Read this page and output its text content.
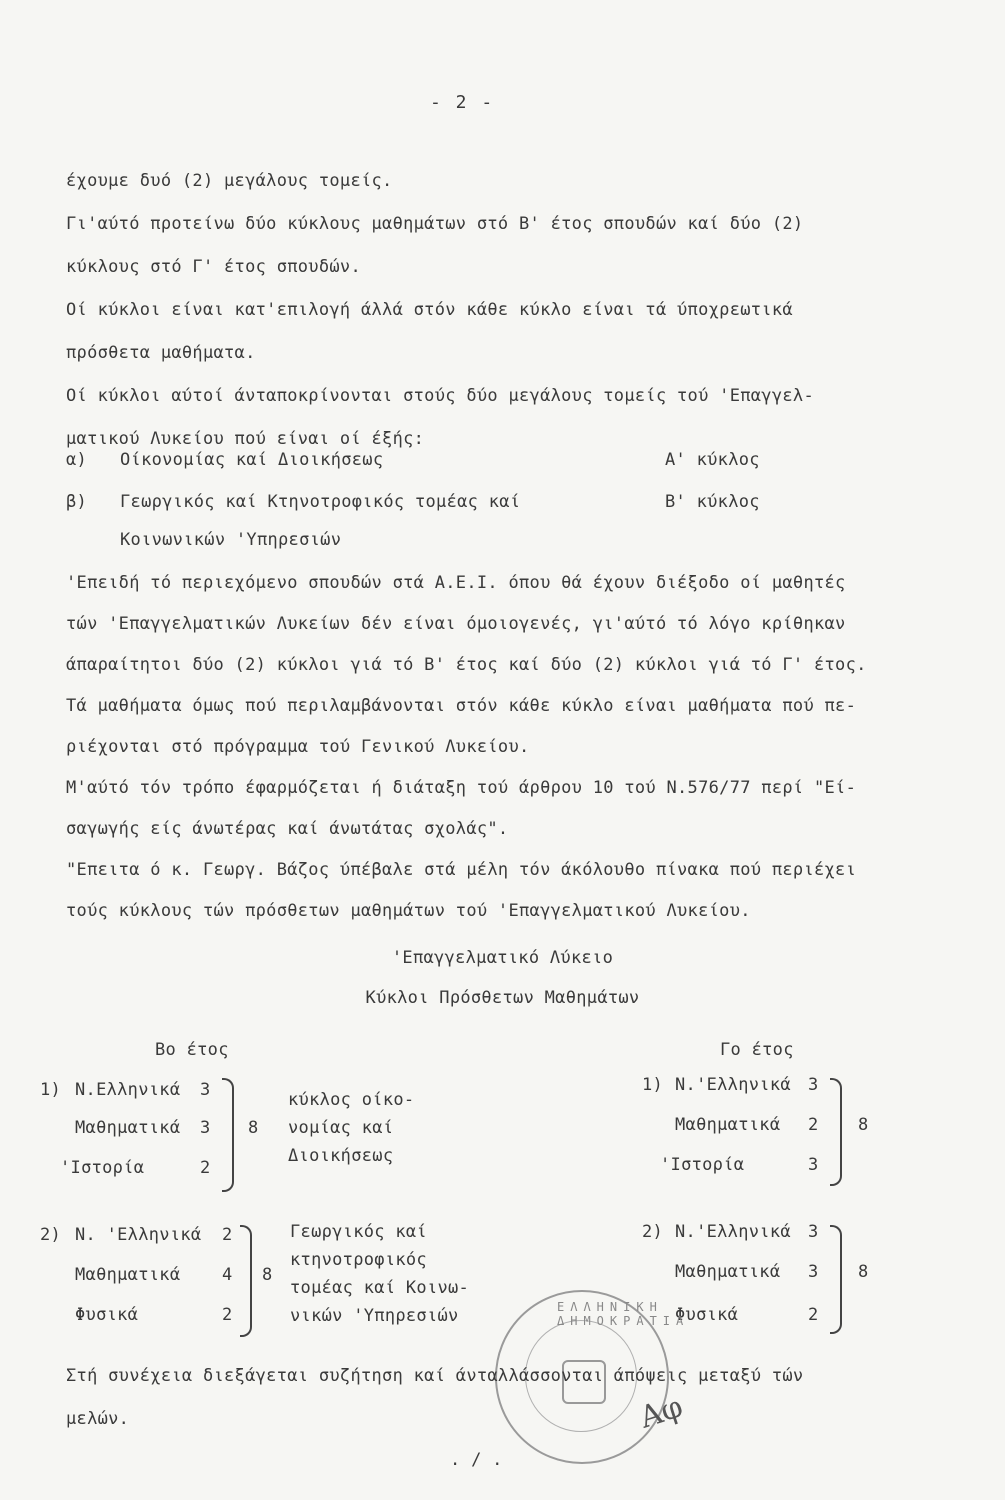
- 2 -
έχουμε δυό (2) μεγάλους τομείς.
Γι'αύτό προτείνω δύο κύκλους μαθημάτων στό Β' έτος σπουδών καί δύο (2)
κύκλους στό Γ' έτος σπουδών.
Οί κύκλοι είναι κατ'επιλογή άλλά στόν κάθε κύκλο είναι τά ύποχρεωτικά
πρόσθετα μαθήματα.
Οί κύκλοι αύτοί άνταποκρίνονται στούς δύο μεγάλους τομείς τού 'Επαγγελ-
ματικού Λυκείου πού είναι οί έξής:
α) Οίκονομίας καί Διοικήσεως	Α' κύκλος
β) Γεωργικός καί Κτηνοτροφικός τομέας καί	Β' κύκλος
Κοινωνικών 'Υπηρεσιών
'Επειδή τό περιεχόμενο σπουδών στά Α.Ε.Ι. όπου θά έχουν διέξοδο οί μαθητές
τών 'Επαγγελματικών Λυκείων δέν είναι όμοιογενές, γι'αύτό τό λόγο κρίθηκαν
άπαραίτητοι δύο (2) κύκλοι γιά τό Β' έτος καί δύο (2) κύκλοι γιά τό Γ' έτος.
Τά μαθήματα όμως πού περιλαμβάνονται στόν κάθε κύκλο είναι μαθήματα πού πε-
ριέχονται στό πρόγραμμα τού Γενικού Λυκείου.
Μ'αύτό τόν τρόπο έφαρμόζεται ή διάταξη τού άρθρου 10 τού Ν.576/77 περί "Εί-
σαγωγής είς άνωτέρας καί άνωτάτας σχολάς".
"Επειτα ό κ. Γεωργ. Βάζος ύπέβαλε στά μέλη τόν άκόλουθο πίνακα πού περιέχει
τούς κύκλους τών πρόσθετων μαθημάτων τού 'Επαγγελματικού Λυκείου.
'Επαγγελματικό Λύκειο
Κύκλοι Πρόσθετων Μαθημάτων
Βο έτος	Γο έτος
1) Ν.Ελληνικά 3
Μαθηματικά 3
'Ιστορία	2
8
κύκλος οίκο-
νομίας καί
Διοικήσεως
2) Ν. 'Ελληνικά 2
Μαθηματικά 4
Φυσικά	2
8
Γεωργικός καί
κτηνοτροφικός
τομέας καί Κοινω-
νικών 'Υπηρεσιών
1) Ν.'Ελληνικά 3
Μαθηματικά 2
'Ιστορία	3
8
2) Ν.'Ελληνικά 3
Μαθηματικά 3
Φυσικά	2
8
ΕΛΛΗΝΙΚΗ ΔΗΜΟΚΡΑΤΙΑ
Αφ
Στή συνέχεια διεξάγεται συζήτηση καί άνταλλάσσονται άπόψεις μεταξύ τών
μελών.
. / .
